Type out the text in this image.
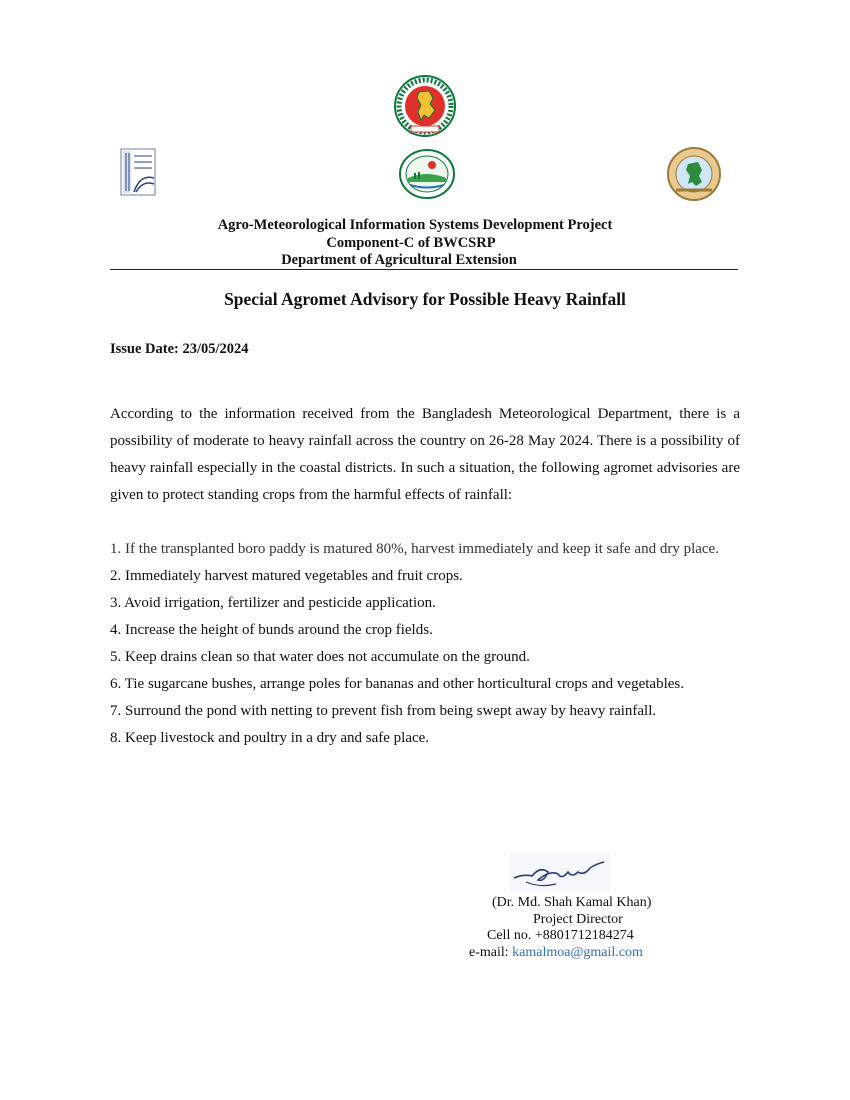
Agro-Meteorological Information Systems Development Project
Component-C of BWCSRP
Department of Agricultural Extension
Special Agromet Advisory for Possible Heavy Rainfall
Issue Date: 23/05/2024

According to the information received from the Bangladesh Meteorological Department, there is a possibility of moderate to heavy rainfall across the country on 26-28 May 2024. There is a possibility of heavy rainfall especially in the coastal districts. In such a situation, the following agromet advisories are given to protect standing crops from the harmful effects of rainfall:

1. If the transplanted boro paddy is matured 80%, harvest immediately and keep it safe and dry place.
2. Immediately harvest matured vegetables and fruit crops.
3. Avoid irrigation, fertilizer and pesticide application.
4. Increase the height of bunds around the crop fields.
5. Keep drains clean so that water does not accumulate on the ground.
6. Tie sugarcane bushes, arrange poles for bananas and other horticultural crops and vegetables.
7. Surround the pond with netting to prevent fish from being swept away by heavy rainfall.
8. Keep livestock and poultry in a dry and safe place.
(Dr. Md. Shah Kamal Khan)
Project Director
Cell no. +8801712184274
e-mail: kamalmoa@gmail.com
